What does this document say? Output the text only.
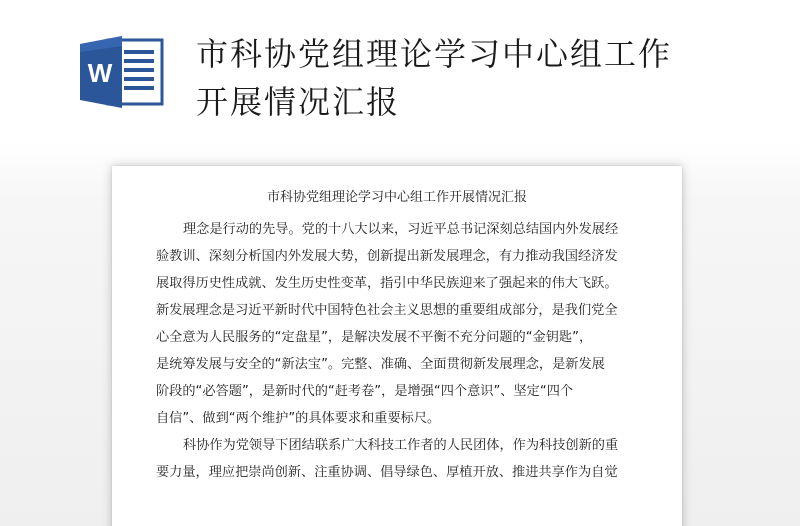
W	市科协党组理论学习中心组工作
开展情况汇报
市科协党组理论学习中心组工作开展情况汇报
理念是行动的先导。党的十八大以来，习近平总书记深刻总结国内外发展经
验教训、深刻分析国内外发展大势，创新提出新发展理念，有力推动我国经济发
展取得历史性成就、发生历史性变革，指引中华民族迎来了强起来的伟大飞跃。
新发展理念是习近平新时代中国特色社会主义思想的重要组成部分，是我们党全
心全意为人民服务的“定盘星”，是解决发展不平衡不充分问题的“金钥匙”，
是统筹发展与安全的“新法宝”。完整、准确、全面贯彻新发展理念，是新发展
阶段的“必答题”，是新时代的“赶考卷”，是增强“四个意识”、坚定“四个
自信”、做到“两个维护”的具体要求和重要标尺。
科协作为党领导下团结联系广大科技工作者的人民团体，作为科技创新的重
要力量，理应把崇尚创新、注重协调、倡导绿色、厚植开放、推进共享作为自觉
